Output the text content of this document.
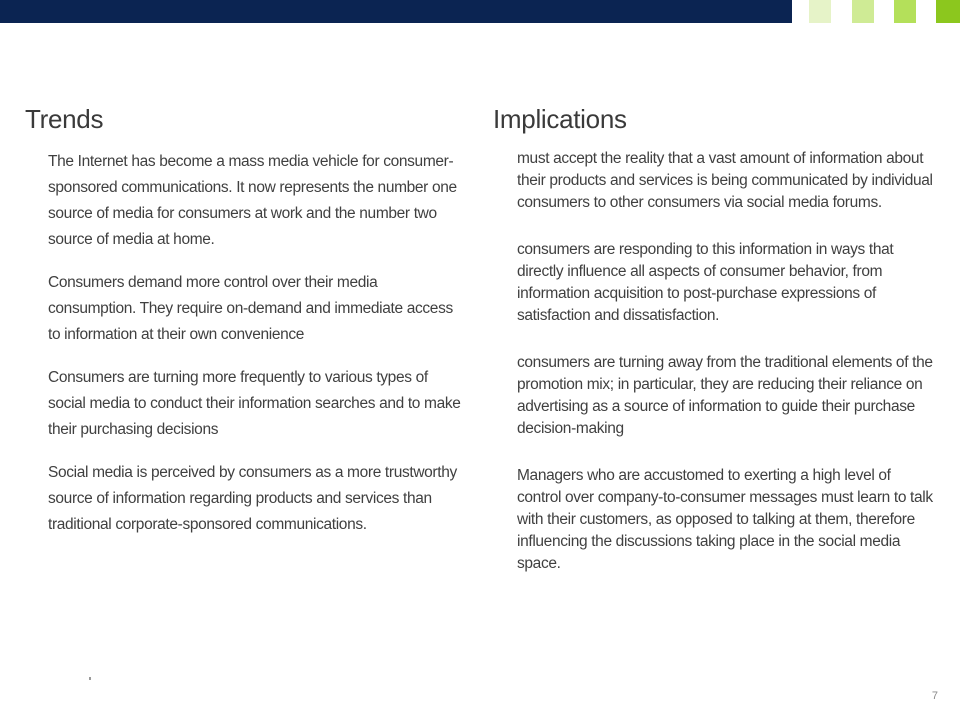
Trends	Implications

The Internet has become a mass media vehicle for consumer-sponsored communications. It now represents the number one source of media for consumers at work and the number two source of media at home.

Consumers demand more control over their media consumption. They require on-demand and immediate access to information at their own convenience

Consumers are turning more frequently to various types of social media to conduct their information searches and to make their purchasing decisions

Social media is perceived by consumers as a more trustworthy source of information regarding products and services than traditional corporate-sponsored communications.

must accept the reality that a vast amount of information about their products and services is being communicated by individual consumers to other consumers via social media forums.

consumers are responding to this information in ways that directly influence all aspects of consumer behavior, from information acquisition to post-purchase expressions of satisfaction and dissatisfaction.

consumers are turning away from the traditional elements of the promotion mix; in particular, they are reducing their reliance on advertising as a source of information to guide their purchase decision-making

Managers who are accustomed to exerting a high level of control over company-to-consumer messages must learn to talk with their customers, as opposed to talking at them, therefore influencing the discussions taking place in the social media space.

7
